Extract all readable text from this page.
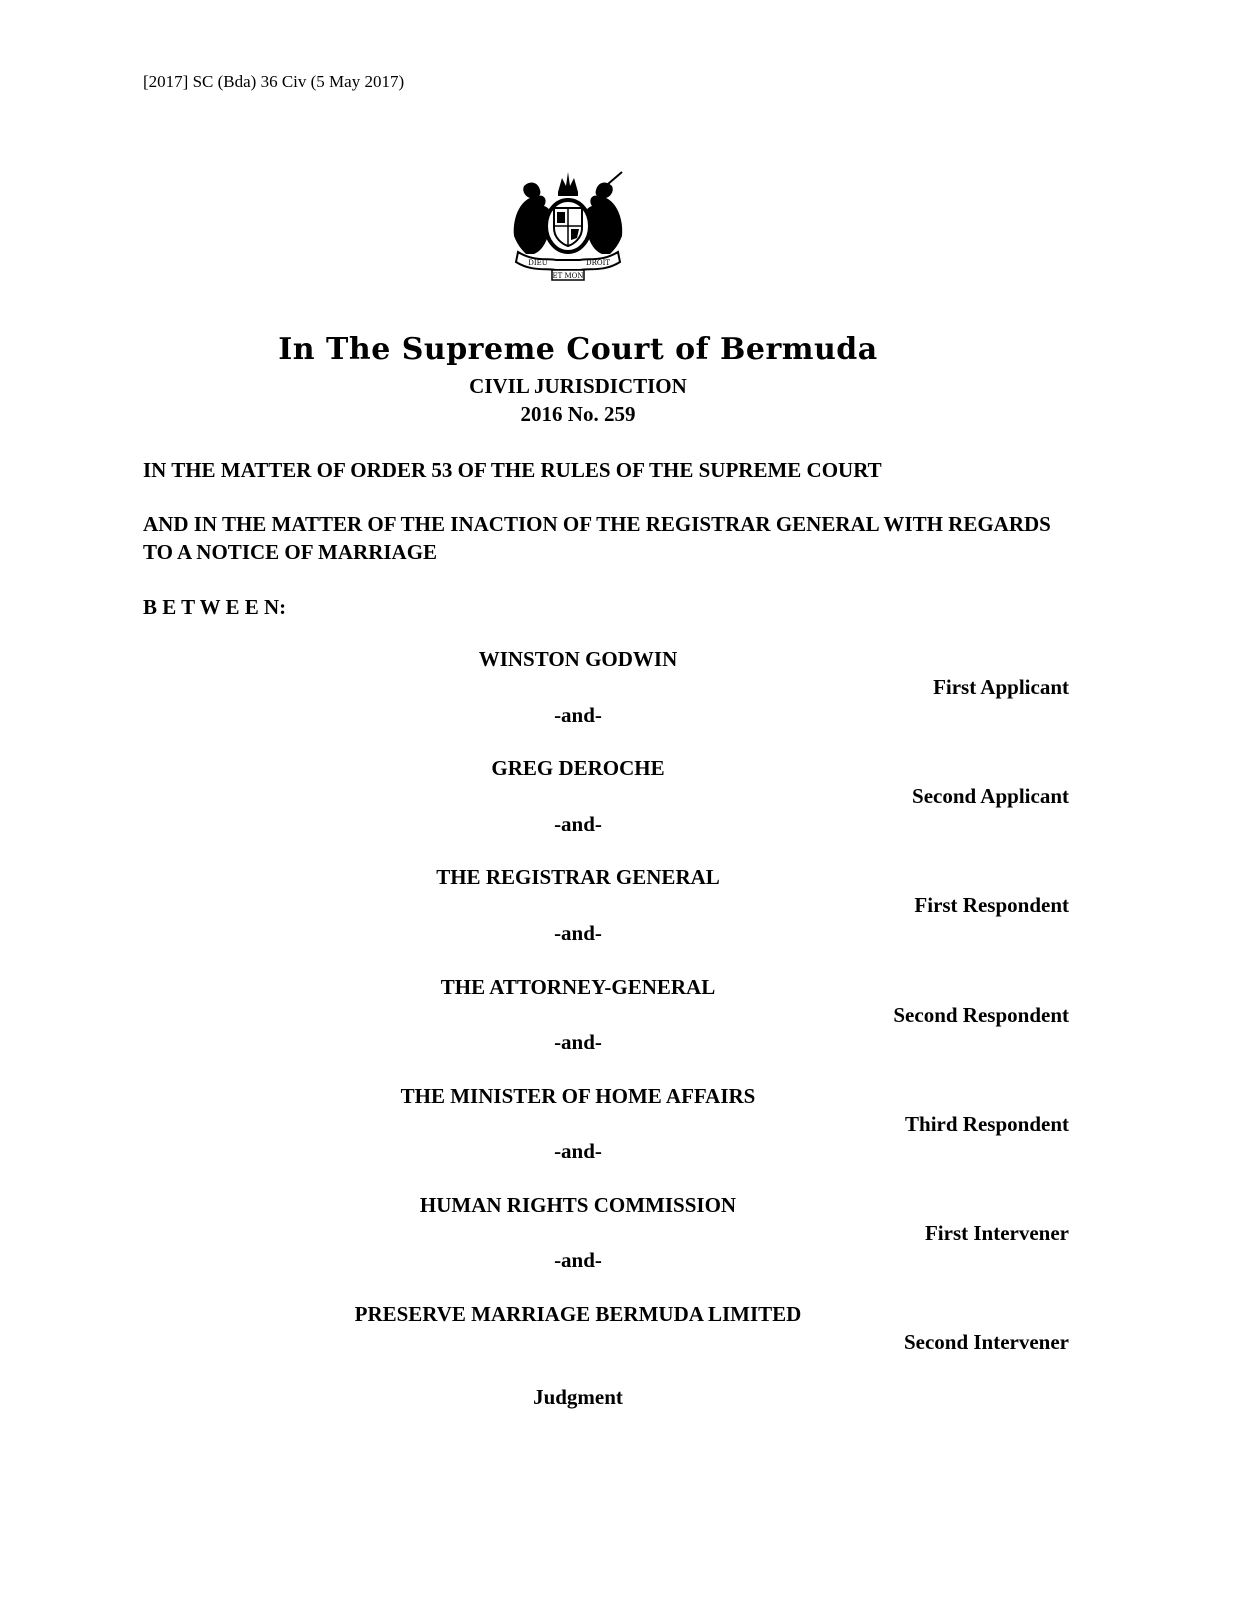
[2017] SC (Bda) 36 Civ (5 May 2017)
DIEU	DROIT
ET MON
In The Supreme Court of Bermuda
CIVIL JURISDICTION
2016 No. 259
IN THE MATTER OF ORDER 53 OF THE RULES OF THE SUPREME COURT
AND IN THE MATTER OF THE INACTION OF THE REGISTRAR GENERAL WITH REGARDS TO A NOTICE OF MARRIAGE
B E T W E E N:
WINSTON GODWIN
First Applicant
-and-
GREG DEROCHE
Second Applicant
-and-
THE REGISTRAR GENERAL
First Respondent
-and-
THE ATTORNEY-GENERAL
Second Respondent
-and-
THE MINISTER OF HOME AFFAIRS
Third Respondent
-and-
HUMAN RIGHTS COMMISSION
First Intervener
-and-
PRESERVE MARRIAGE BERMUDA LIMITED
Second Intervener
Judgment
